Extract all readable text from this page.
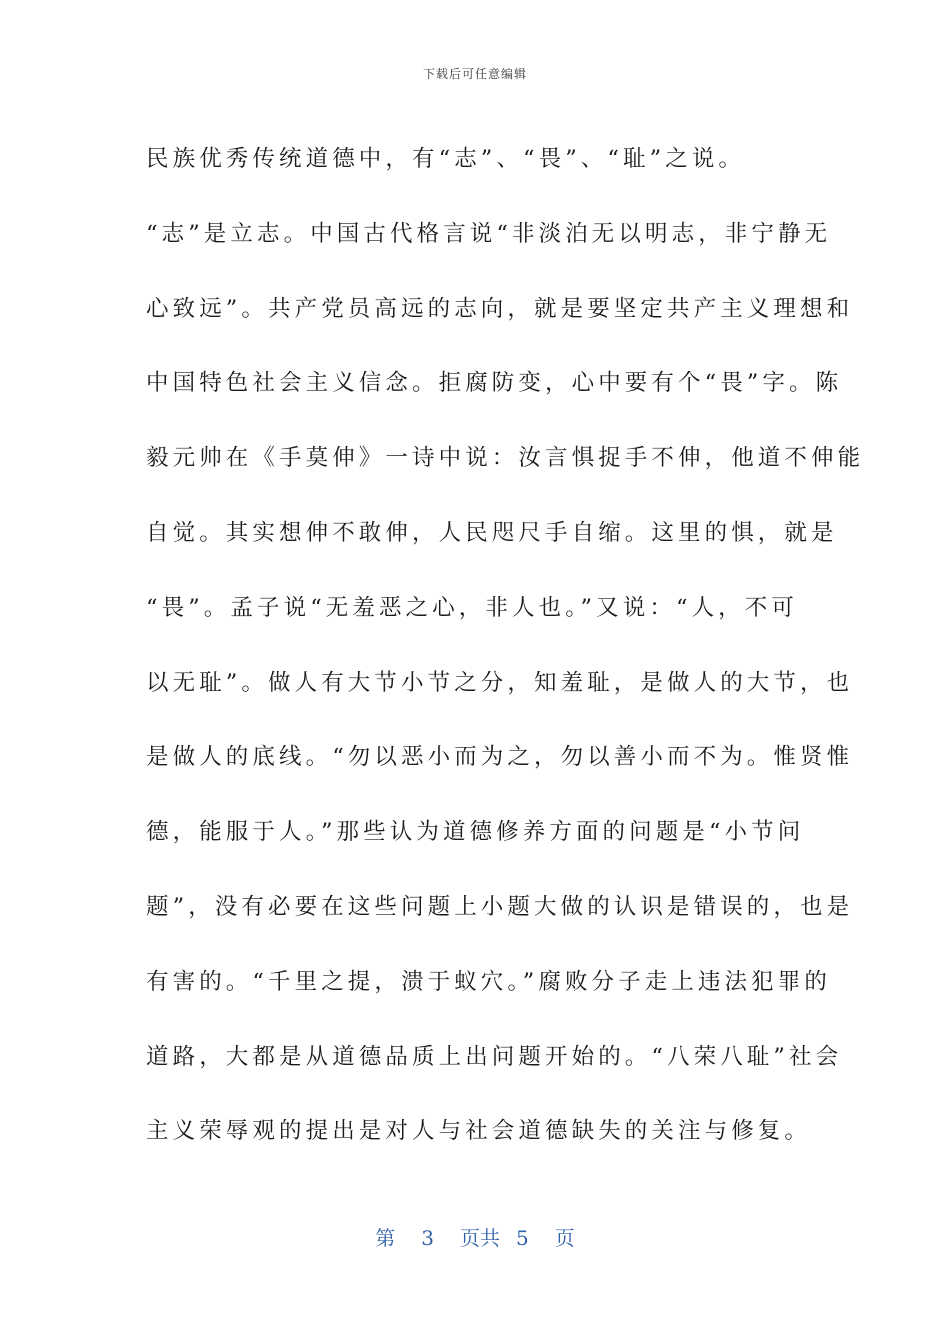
下载后可任意编辑
民族优秀传统道德中，有“志”、“畏”、“耻”之说。
“志”是立志。中国古代格言说“非淡泊无以明志，非宁静无
心致远”。共产党员高远的志向，就是要坚定共产主义理想和
中国特色社会主义信念。拒腐防变，心中要有个“畏”字。陈
毅元帅在《手莫伸》一诗中说：汝言惧捉手不伸，他道不伸能
自觉。其实想伸不敢伸，人民咫尺手自缩。这里的惧，就是
“畏”。孟子说“无羞恶之心，非人也。”又说：“人，不可
以无耻”。做人有大节小节之分，知羞耻，是做人的大节，也
是做人的底线。“勿以恶小而为之，勿以善小而不为。惟贤惟
德，能服于人。”那些认为道德修养方面的问题是“小节问
题”，没有必要在这些问题上小题大做的认识是错误的，也是
有害的。“千里之提，溃于蚁穴。”腐败分子走上违法犯罪的
道路，大都是从道德品质上出问题开始的。“八荣八耻”社会
主义荣辱观的提出是对人与社会道德缺失的关注与修复。
第 3 页共 5 页
